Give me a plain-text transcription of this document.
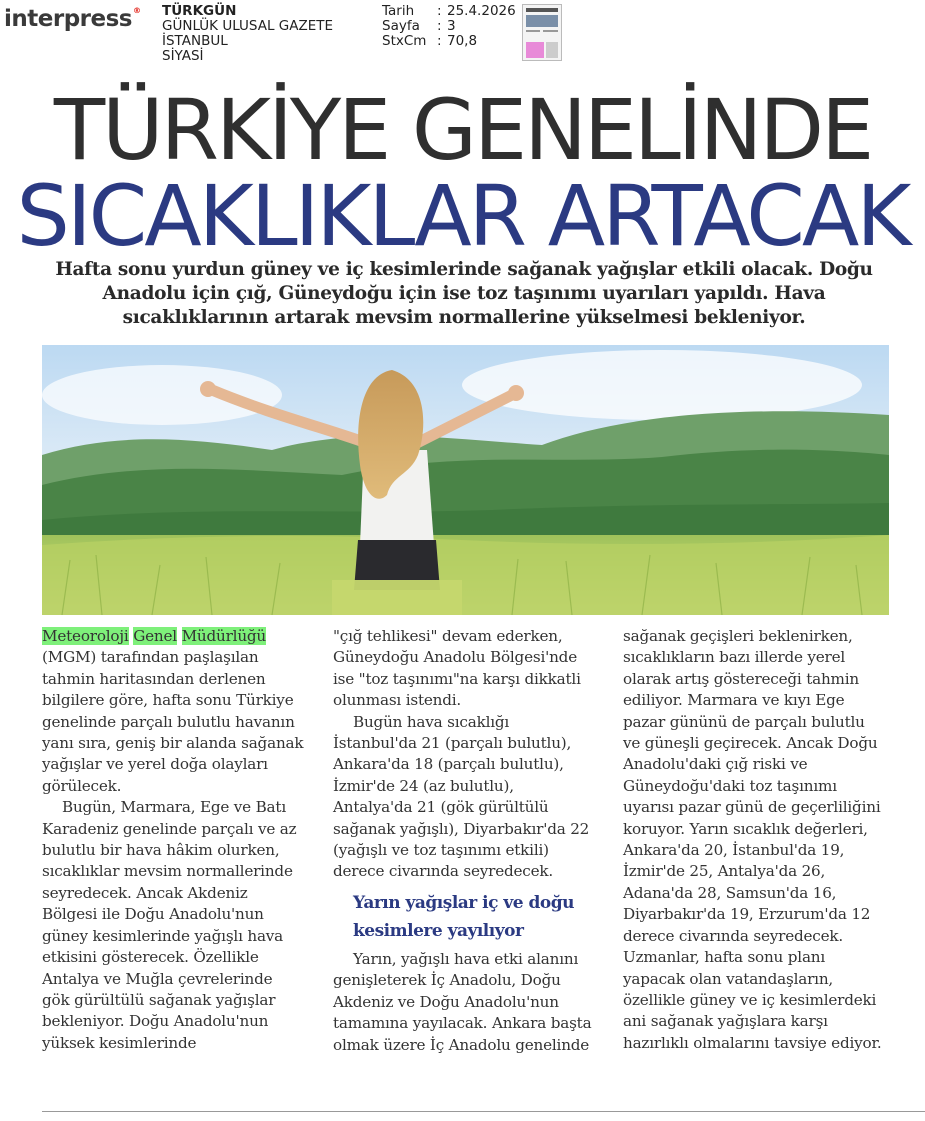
interpress® TÜRKGÜN
GÜNLÜK ULUSAL GAZETE
İSTANBUL
SİYASİ
Tarih	: 25.4.2026
Sayfa	: 3
StxCm : 70,8
TÜRKİYE GENELİNDE
SICAKLIKLAR ARTACAK
Hafta sonu yurdun güney ve iç kesimlerinde sağanak yağışlar etkili olacak. Doğu Anadolu için çığ, Güneydoğu için ise toz taşınımı uyarıları yapıldı. Hava sıcaklıklarının artarak mevsim normallerine yükselmesi bekleniyor.

Meteoroloji Genel Müdürlüğü (MGM) tarafından paşlaşılan tahmin haritasından derlenen bilgilere göre, hafta sonu Türkiye genelinde parçalı bulutlu havanın yanı sıra, geniş bir alanda sağanak yağışlar ve yerel doğa olayları görülecek.

Bugün, Marmara, Ege ve Batı Karadeniz genelinde parçalı ve az bulutlu bir hava hâkim olurken, sıcaklıklar mevsim normallerinde seyredecek. Ancak Akdeniz Bölgesi ile Doğu Anadolu'nun güney kesimlerinde yağışlı hava etkisini gösterecek. Özellikle Antalya ve Muğla çevrelerinde gök gürültülü sağanak yağışlar bekleniyor. Doğu Anadolu'nun yüksek kesimlerinde

"çığ tehlikesi" devam ederken, Güneydoğu Anadolu Bölgesi'nde ise "toz taşınımı"na karşı dikkatli olunması istendi.

Bugün hava sıcaklığı İstanbul'da 21 (parçalı bulutlu), Ankara'da 18 (parçalı bulutlu), İzmir'de 24 (az bulutlu), Antalya'da 21 (gök gürültülü sağanak yağışlı), Diyarbakır'da 22 (yağışlı ve toz taşınımı etkili) derece civarında seyredecek.

Yarın yağışlar iç ve doğu kesimlere yayılıyor

Yarın, yağışlı hava etki alanını genişleterek İç Anadolu, Doğu Akdeniz ve Doğu Anadolu'nun tamamına yayılacak. Ankara başta olmak üzere İç Anadolu genelinde

sağanak geçişleri beklenirken, sıcaklıkların bazı illerde yerel olarak artış göstereceği tahmin ediliyor. Marmara ve kıyı Ege pazar gününü de parçalı bulutlu ve güneşli geçirecek. Ancak Doğu Anadolu'daki çığ riski ve Güneydoğu'daki toz taşınımı uyarısı pazar günü de geçerliliğini koruyor. Yarın sıcaklık değerleri, Ankara'da 20, İstanbul'da 19, İzmir'de 25, Antalya'da 26, Adana'da 28, Samsun'da 16, Diyarbakır'da 19, Erzurum'da 12 derece civarında seyredecek. Uzmanlar, hafta sonu planı yapacak olan vatandaşların, özellikle güney ve iç kesimlerdeki ani sağanak yağışlara karşı hazırlıklı olmalarını tavsiye ediyor.
